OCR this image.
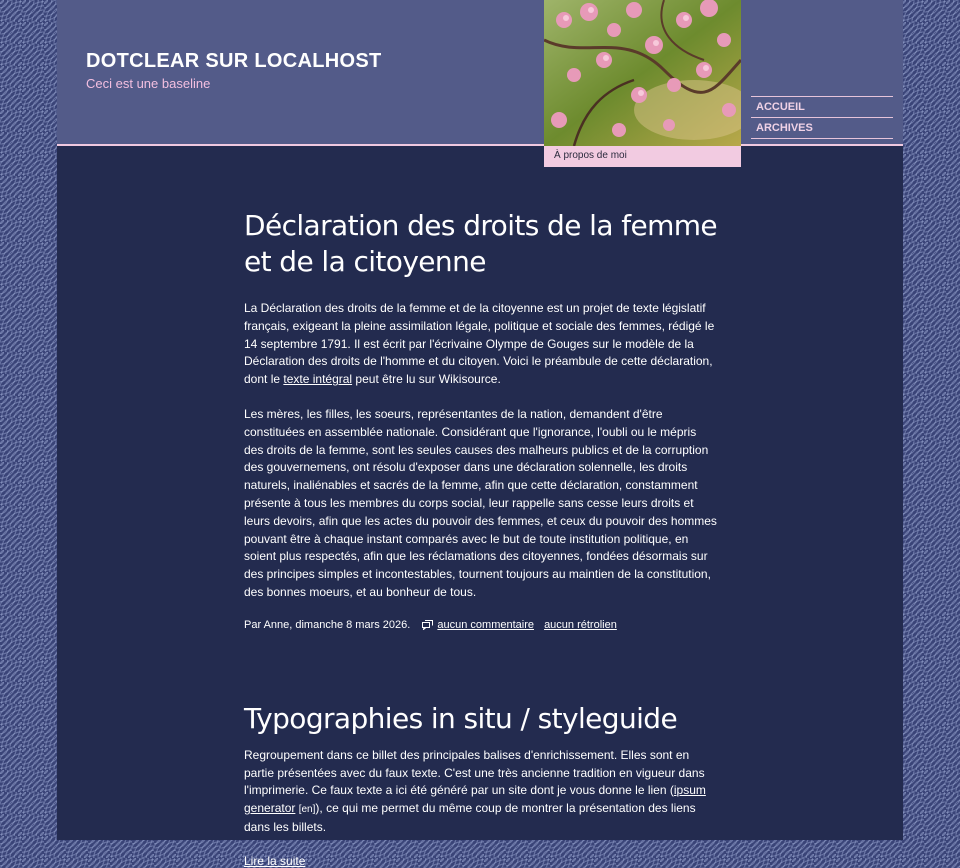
DOTCLEAR SUR LOCALHOST
Ceci est une baseline
À propos de moi
ACCUEIL
ARCHIVES
Déclaration des droits de la femme et de la citoyenne

La Déclaration des droits de la femme et de la citoyenne est un projet de texte législatif français, exigeant la pleine assimilation légale, politique et sociale des femmes, rédigé le 14 septembre 1791. Il est écrit par l'écrivaine Olympe de Gouges sur le modèle de la Déclaration des droits de l'homme et du citoyen. Voici le préambule de cette déclaration, dont le texte intégral peut être lu sur Wikisource.

Les mères, les filles, les soeurs, représentantes de la nation, demandent d'être constituées en assemblée nationale. Considérant que l'ignorance, l'oubli ou le mépris des droits de la femme, sont les seules causes des malheurs publics et de la corruption des gouvernemens, ont résolu d'exposer dans une déclaration solennelle, les droits naturels, inaliénables et sacrés de la femme, afin que cette déclaration, constamment présente à tous les membres du corps social, leur rappelle sans cesse leurs droits et leurs devoirs, afin que les actes du pouvoir des femmes, et ceux du pouvoir des hommes pouvant être à chaque instant comparés avec le but de toute institution politique, en soient plus respectés, afin que les réclamations des citoyennes, fondées désormais sur des principes simples et incontestables, tournent toujours au maintien de la constitution, des bonnes moeurs, et au bonheur de tous.

Par Anne, dimanche 8 mars 2026. aucun commentaire aucun rétrolien
Typographies in situ / styleguide

Regroupement dans ce billet des principales balises d'enrichissement. Elles sont en partie présentées avec du faux texte. C'est une très ancienne tradition en vigueur dans l'imprimerie. Ce faux texte a ici été généré par un site dont je vous donne le lien (ipsum generator [en]), ce qui me permet du même coup de montrer la présentation des liens dans les billets.

Lire la suite
